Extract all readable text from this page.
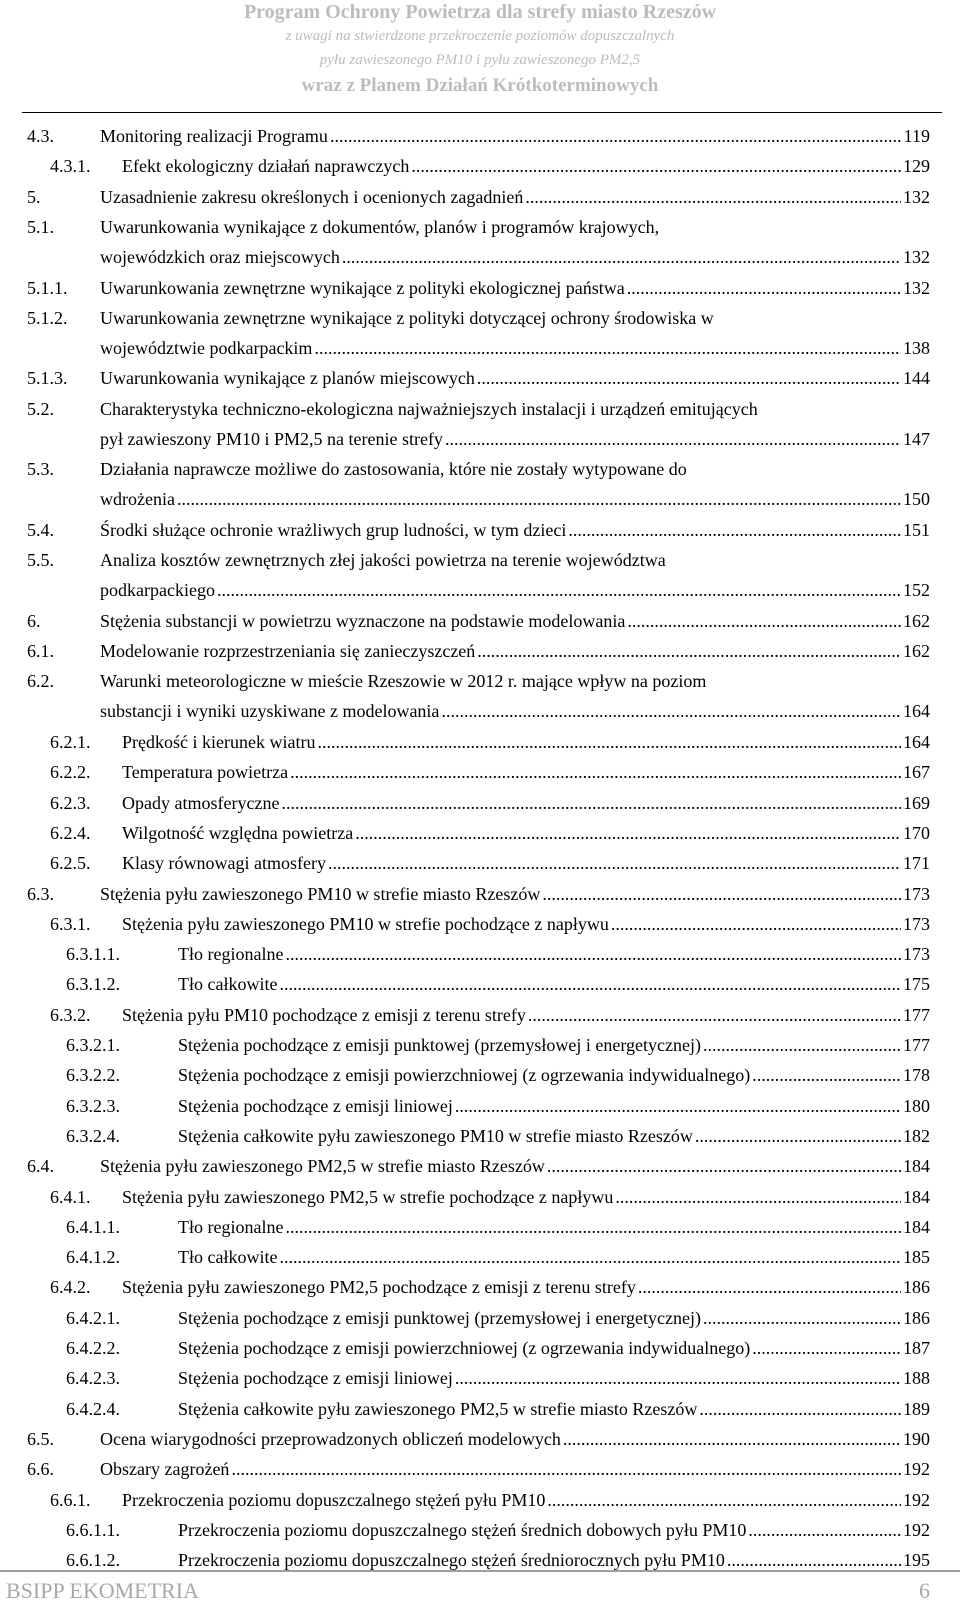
Program Ochrony Powietrza dla strefy miasto Rzeszów
z uwagi na stwierdzone przekroczenie poziomów dopuszczalnych
pyłu zawieszonego PM10 i pyłu zawieszonego PM2,5
wraz z Planem Działań Krótkoterminowych
4.3.	Monitoring realizacji Programu .....	119
4.3.1. Efekt ekologiczny działań naprawczych .....	129
5.	Uzasadnienie zakresu określonych i ocenionych zagadnień .....	132
5.1.	Uwarunkowania wynikające z dokumentów, planów i programów krajowych,
wojewódzkich oraz miejscowych .....	132
5.1.1. Uwarunkowania zewnętrzne wynikające z polityki ekologicznej państwa .....	132
5.1.2. Uwarunkowania zewnętrzne wynikające z polityki dotyczącej ochrony środowiska w
województwie podkarpackim .....	138
5.1.3. Uwarunkowania wynikające z planów miejscowych .....	144
5.2.	Charakterystyka techniczno-ekologiczna najważniejszych instalacji i urządzeń emitujących
pył zawieszony PM10 i PM2,5 na terenie strefy .....	147
5.3.	Działania naprawcze możliwe do zastosowania, które nie zostały wytypowane do
wdrożenia .....	150
5.4.	Środki służące ochronie wrażliwych grup ludności, w tym dzieci .....	151
5.5.	Analiza kosztów zewnętrznych złej jakości powietrza na terenie województwa
podkarpackiego .....	152
6.	Stężenia substancji w powietrzu wyznaczone na podstawie modelowania .....	162
6.1.	Modelowanie rozprzestrzeniania się zanieczyszczeń .....	162
6.2.	Warunki meteorologiczne w mieście Rzeszowie w 2012 r. mające wpływ na poziom
substancji i wyniki uzyskiwane z modelowania .....	164
6.2.1. Prędkość i kierunek wiatru .....	164
6.2.2. Temperatura powietrza .....	167
6.2.3. Opady atmosferyczne .....	169
6.2.4. Wilgotność względna powietrza .....	170
6.2.5. Klasy równowagi atmosfery .....	171
6.3.	Stężenia pyłu zawieszonego PM10 w strefie miasto Rzeszów .....	173
6.3.1. Stężenia pyłu zawieszonego PM10 w strefie pochodzące z napływu .....	173
6.3.1.1.	Tło regionalne .....	173
6.3.1.2.	Tło całkowite .....	175
6.3.2. Stężenia pyłu PM10 pochodzące z emisji z terenu strefy .....	177
6.3.2.1.	Stężenia pochodzące z emisji punktowej (przemysłowej i energetycznej) .....	177
6.3.2.2.	Stężenia pochodzące z emisji powierzchniowej (z ogrzewania indywidualnego) .....	178
6.3.2.3.	Stężenia pochodzące z emisji liniowej .....	180
6.3.2.4.	Stężenia całkowite pyłu zawieszonego PM10 w strefie miasto Rzeszów .....	182
6.4.	Stężenia pyłu zawieszonego PM2,5 w strefie miasto Rzeszów .....	184
6.4.1. Stężenia pyłu zawieszonego PM2,5 w strefie pochodzące z napływu .....	184
6.4.1.1.	Tło regionalne .....	184
6.4.1.2.	Tło całkowite .....	185
6.4.2. Stężenia pyłu zawieszonego PM2,5 pochodzące z emisji z terenu strefy .....	186
6.4.2.1.	Stężenia pochodzące z emisji punktowej (przemysłowej i energetycznej) .....	186
6.4.2.2.	Stężenia pochodzące z emisji powierzchniowej (z ogrzewania indywidualnego) .....	187
6.4.2.3.	Stężenia pochodzące z emisji liniowej .....	188
6.4.2.4.	Stężenia całkowite pyłu zawieszonego PM2,5 w strefie miasto Rzeszów .....	189
6.5.	Ocena wiarygodności przeprowadzonych obliczeń modelowych .....	190
6.6.	Obszary zagrożeń .....	192
6.6.1. Przekroczenia poziomu dopuszczalnego stężeń pyłu PM10 .....	192
6.6.1.1.	Przekroczenia poziomu dopuszczalnego stężeń średnich dobowych pyłu PM10 .....	192
6.6.1.2.	Przekroczenia poziomu dopuszczalnego stężeń średniorocznych pyłu PM10 .....	195
BSIPP EKOMETRIA	6
